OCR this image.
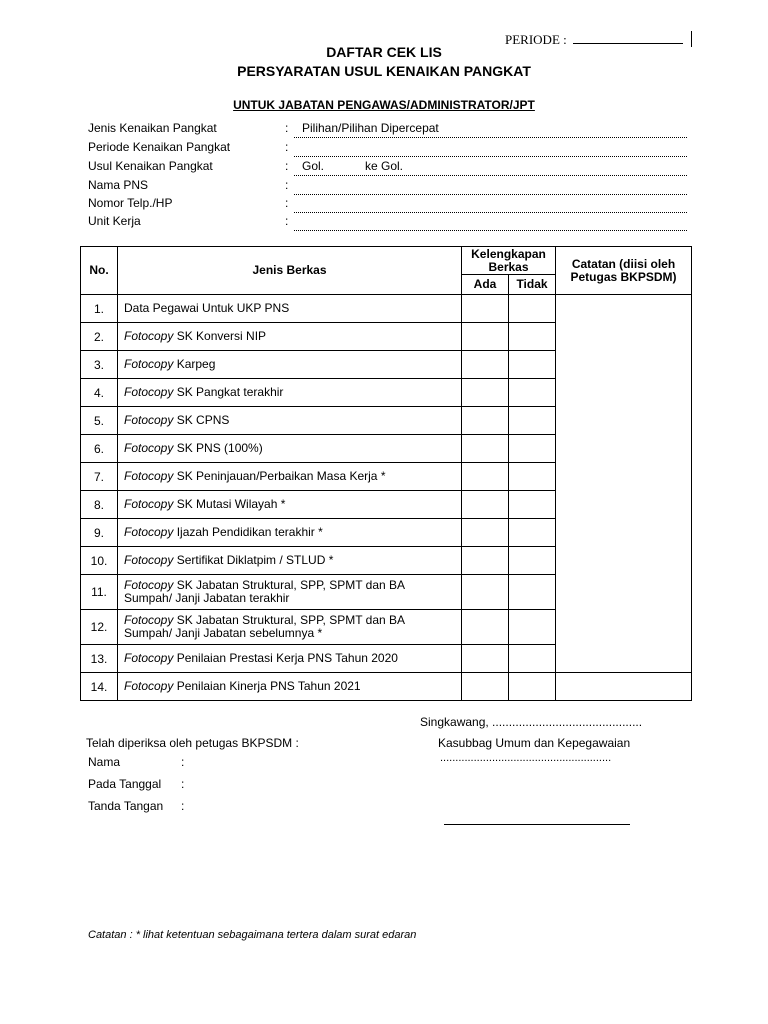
PERIODE :
DAFTAR CEK LIS
PERSYARATAN USUL KENAIKAN PANGKAT
UNTUK JABATAN PENGAWAS/ADMINISTRATOR/JPT
Jenis Kenaikan Pangkat	: Pilihan/Pilihan Dipercepat
Periode Kenaikan Pangkat	:
Usul Kenaikan Pangkat	: Gol.	ke Gol.
Nama PNS	:
Nomor Telp./HP	:
Unit Kerja	:
No.	Jenis Berkas	Kelengkapan Berkas		Catatan (diisi oleh Petugas BKPSDM)
		Ada	Tidak	
1.	Data Pegawai Untuk UKP PNS			
2.	Fotocopy SK Konversi NIP			
3.	Fotocopy Karpeg			
4.	Fotocopy SK Pangkat terakhir			
5.	Fotocopy SK CPNS			
6.	Fotocopy SK PNS (100%)			
7.	Fotocopy SK Peninjauan/Perbaikan Masa Kerja *			
8.	Fotocopy SK Mutasi Wilayah *			
9.	Fotocopy Ijazah Pendidikan terakhir *			
10.	Fotocopy Sertifikat Diklatpim / STLUD *			
11.	Fotocopy SK Jabatan Struktural, SPP, SPMT dan BA Sumpah/ Janji Jabatan terakhir			
12.	Fotocopy SK Jabatan Struktural, SPP, SPMT dan BA Sumpah/ Janji Jabatan sebelumnya *			
13.	Fotocopy Penilaian Prestasi Kerja PNS Tahun 2020			
14.	Fotocopy Penilaian Kinerja PNS Tahun 2021			
Singkawang, .............................................
Telah diperiksa oleh petugas BKPSDM :	Kasubbag Umum dan Kepegawaian
........................................................
Nama	:
Pada Tanggal :
Tanda Tangan :
Catatan : * lihat ketentuan sebagaimana tertera dalam surat edaran
